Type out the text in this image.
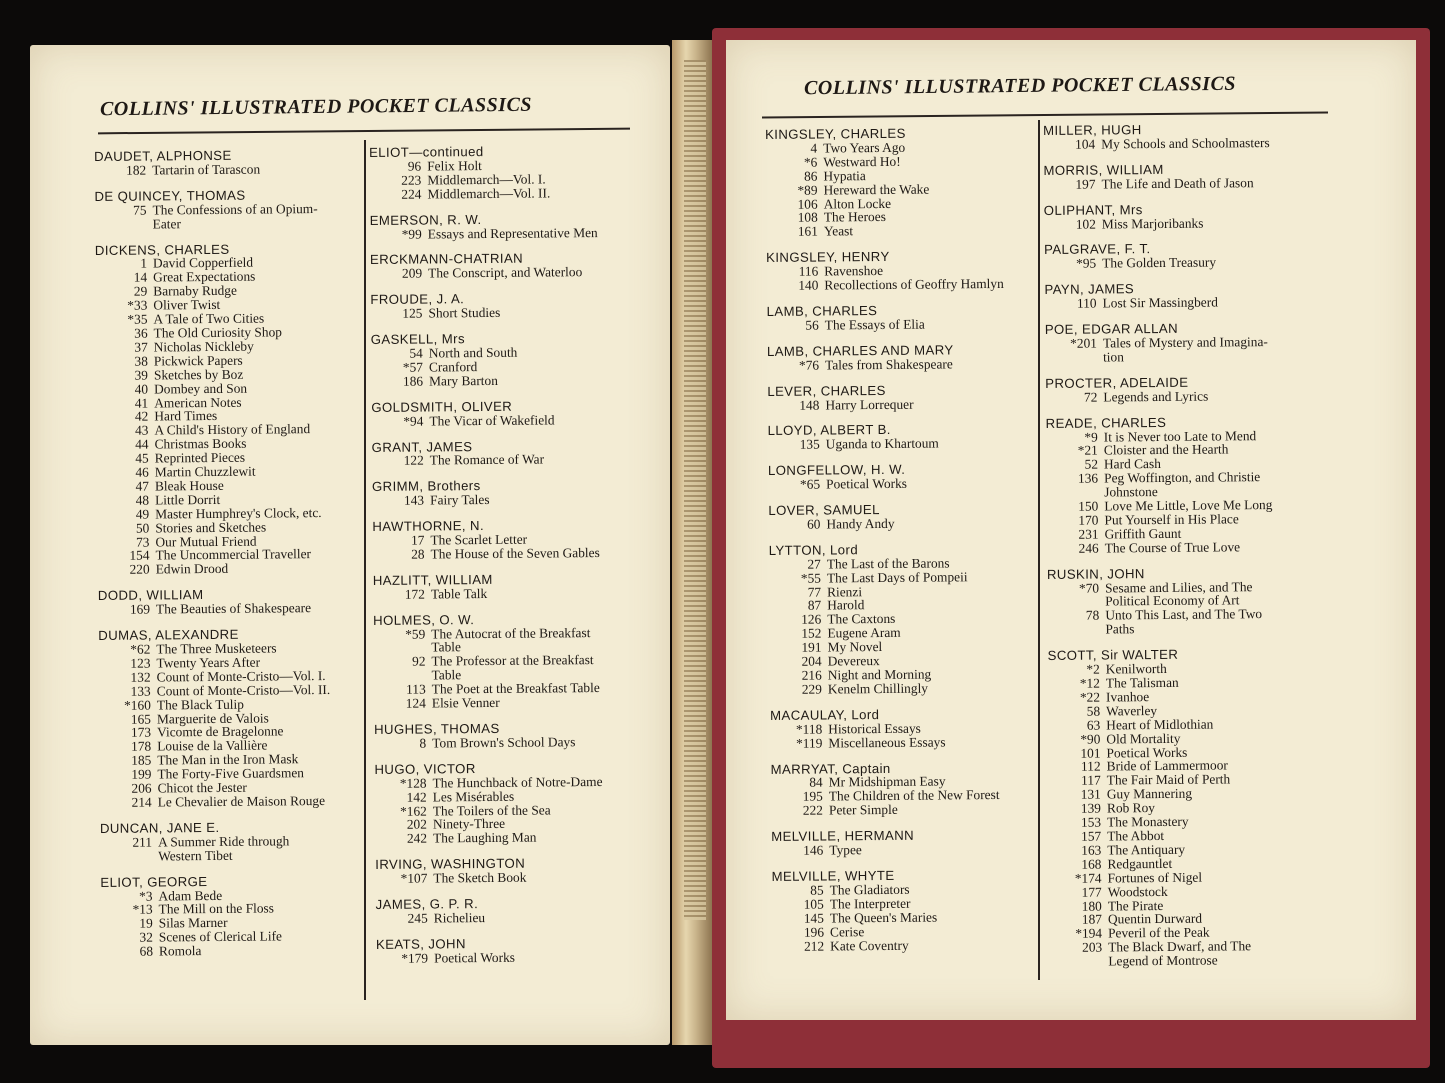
COLLINS' ILLUSTRATED POCKET CLASSICS
COLLINS' ILLUSTRATED POCKET CLASSICS
DAUDET, ALPHONSE
182 Tartarin of Tarascon
DE QUINCEY, THOMAS
75 The Confessions of an Opium-
Eater
DICKENS, CHARLES
1 David Copperfield
14 Great Expectations
29 Barnaby Rudge
*33 Oliver Twist
*35 A Tale of Two Cities
36 The Old Curiosity Shop
37 Nicholas Nickleby
38 Pickwick Papers
39 Sketches by Boz
40 Dombey and Son
41 American Notes
42 Hard Times
43 A Child's History of England
44 Christmas Books
45 Reprinted Pieces
46 Martin Chuzzlewit
47 Bleak House
48 Little Dorrit
49 Master Humphrey's Clock, etc.
50 Stories and Sketches
73 Our Mutual Friend
154 The Uncommercial Traveller
220 Edwin Drood
DODD, WILLIAM
169 The Beauties of Shakespeare
DUMAS, ALEXANDRE
*62 The Three Musketeers
123 Twenty Years After
132 Count of Monte-Cristo—Vol. I.
133 Count of Monte-Cristo—Vol. II.
*160 The Black Tulip
165 Marguerite de Valois
173 Vicomte de Bragelonne
178 Louise de la Vallière
185 The Man in the Iron Mask
199 The Forty-Five Guardsmen
206 Chicot the Jester
214 Le Chevalier de Maison Rouge
DUNCAN, JANE E.
211 A Summer Ride through
Western Tibet
ELIOT, GEORGE
*3 Adam Bede
*13 The Mill on the Floss
19 Silas Marner
32 Scenes of Clerical Life
68 Romola
ELIOT—continued
96 Felix Holt
223 Middlemarch—Vol. I.
224 Middlemarch—Vol. II.
EMERSON, R. W.
*99 Essays and Representative Men
ERCKMANN-CHATRIAN
209 The Conscript, and Waterloo
FROUDE, J. A.
125 Short Studies
GASKELL, Mrs
54 North and South
*57 Cranford
186 Mary Barton
GOLDSMITH, OLIVER
*94 The Vicar of Wakefield
GRANT, JAMES
122 The Romance of War
GRIMM, Brothers
143 Fairy Tales
HAWTHORNE, N.
17 The Scarlet Letter
28 The House of the Seven Gables
HAZLITT, WILLIAM
172 Table Talk
HOLMES, O. W.
*59 The Autocrat of the Breakfast
Table
92 The Professor at the Breakfast
Table
113 The Poet at the Breakfast Table
124 Elsie Venner
HUGHES, THOMAS
8 Tom Brown's School Days
HUGO, VICTOR
*128 The Hunchback of Notre-Dame
142 Les Misérables
*162 The Toilers of the Sea
202 Ninety-Three
242 The Laughing Man
IRVING, WASHINGTON
*107 The Sketch Book
JAMES, G. P. R.
245 Richelieu
KEATS, JOHN
*179 Poetical Works
KINGSLEY, CHARLES
4 Two Years Ago
*6 Westward Ho!
86 Hypatia
*89 Hereward the Wake
106 Alton Locke
108 The Heroes
161 Yeast
KINGSLEY, HENRY
116 Ravenshoe
140 Recollections of Geoffry Hamlyn
LAMB, CHARLES
56 The Essays of Elia
LAMB, CHARLES AND MARY
*76 Tales from Shakespeare
LEVER, CHARLES
148 Harry Lorrequer
LLOYD, ALBERT B.
135 Uganda to Khartoum
LONGFELLOW, H. W.
*65 Poetical Works
LOVER, SAMUEL
60 Handy Andy
LYTTON, Lord
27 The Last of the Barons
*55 The Last Days of Pompeii
77 Rienzi
87 Harold
126 The Caxtons
152 Eugene Aram
191 My Novel
204 Devereux
216 Night and Morning
229 Kenelm Chillingly
MACAULAY, Lord
*118 Historical Essays
*119 Miscellaneous Essays
MARRYAT, Captain
84 Mr Midshipman Easy
195 The Children of the New Forest
222 Peter Simple
MELVILLE, HERMANN
146 Typee
MELVILLE, WHYTE
85 The Gladiators
105 The Interpreter
145 The Queen's Maries
196 Cerise
212 Kate Coventry
MILLER, HUGH
104 My Schools and Schoolmasters
MORRIS, WILLIAM
197 The Life and Death of Jason
OLIPHANT, Mrs
102 Miss Marjoribanks
PALGRAVE, F. T.
*95 The Golden Treasury
PAYN, JAMES
110 Lost Sir Massingberd
POE, EDGAR ALLAN
*201 Tales of Mystery and Imagina-
tion
PROCTER, ADELAIDE
72 Legends and Lyrics
READE, CHARLES
*9 It is Never too Late to Mend
*21 Cloister and the Hearth
52 Hard Cash
136 Peg Woffington, and Christie
Johnstone
150 Love Me Little, Love Me Long
170 Put Yourself in His Place
231 Griffith Gaunt
246 The Course of True Love
RUSKIN, JOHN
*70 Sesame and Lilies, and The
Political Economy of Art
78 Unto This Last, and The Two
Paths
SCOTT, Sir WALTER
*2 Kenilworth
*12 The Talisman
*22 Ivanhoe
58 Waverley
63 Heart of Midlothian
*90 Old Mortality
101 Poetical Works
112 Bride of Lammermoor
117 The Fair Maid of Perth
131 Guy Mannering
139 Rob Roy
153 The Monastery
157 The Abbot
163 The Antiquary
168 Redgauntlet
*174 Fortunes of Nigel
177 Woodstock
180 The Pirate
187 Quentin Durward
*194 Peveril of the Peak
203 The Black Dwarf, and The
Legend of Montrose
